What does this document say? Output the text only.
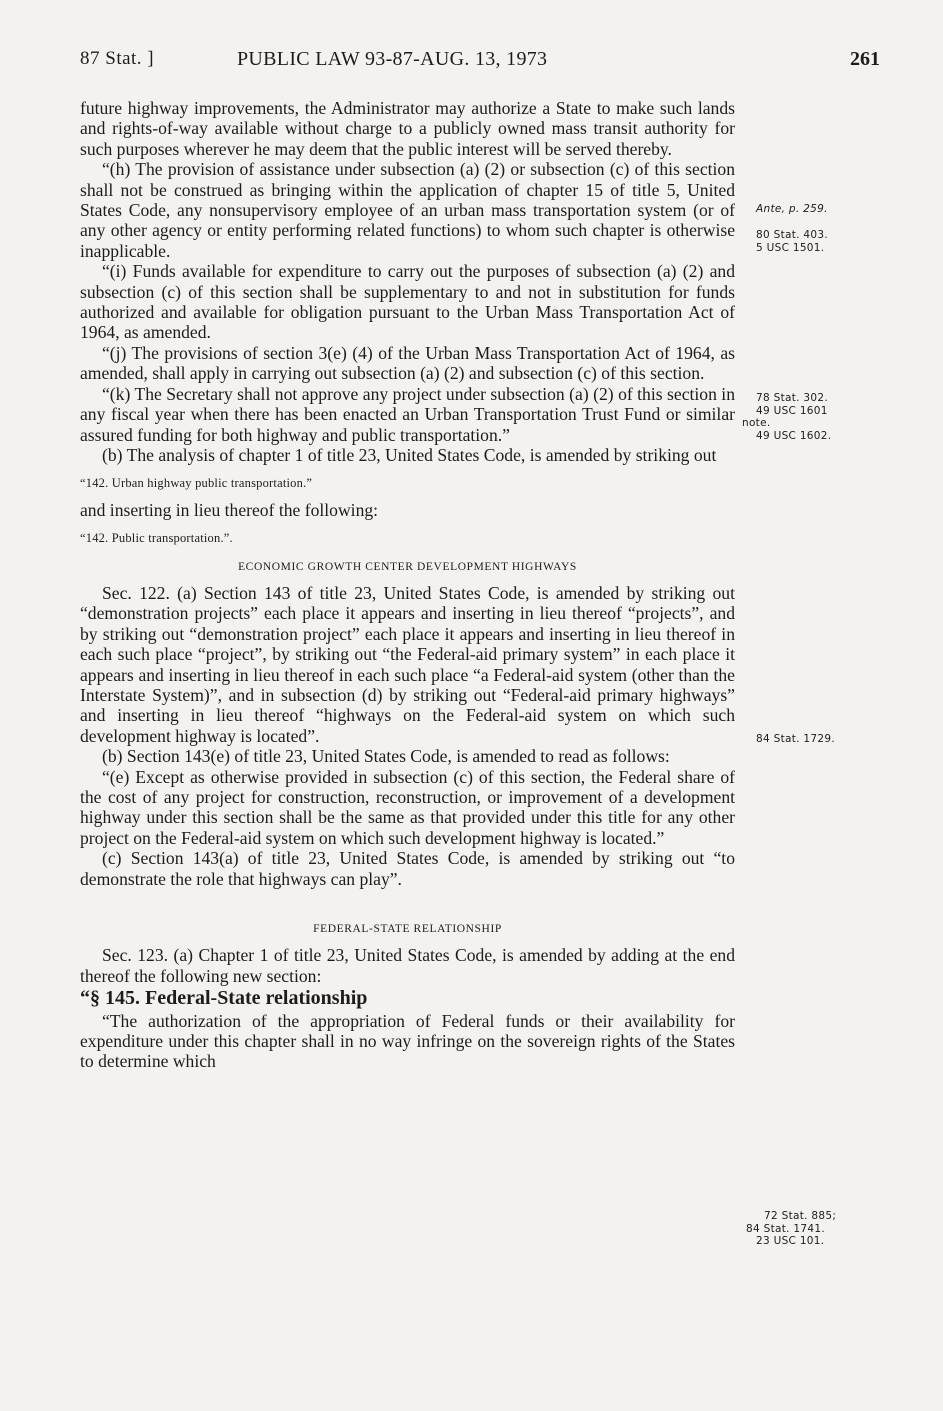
87 Stat. ]	PUBLIC LAW 93-87-AUG. 13, 1973	261

future highway improvements, the Administrator may authorize a State to make such lands and rights-of-way available without charge to a publicly owned mass transit authority for such purposes wherever he may deem that the public interest will be served thereby.

“(h) The provision of assistance under subsection (a) (2) or subsection (c) of this section shall not be construed as bringing within the application of chapter 15 of title 5, United States Code, any nonsupervisory employee of an urban mass transportation system (or of any other agency or entity performing related functions) to whom such chapter is otherwise inapplicable.

“(i) Funds available for expenditure to carry out the purposes of subsection (a) (2) and subsection (c) of this section shall be supplementary to and not in substitution for funds authorized and available for obligation pursuant to the Urban Mass Transportation Act of 1964, as amended.

“(j) The provisions of section 3(e) (4) of the Urban Mass Transportation Act of 1964, as amended, shall apply in carrying out subsection (a) (2) and subsection (c) of this section.

“(k) The Secretary shall not approve any project under subsection (a) (2) of this section in any fiscal year when there has been enacted an Urban Transportation Trust Fund or similar assured funding for both highway and public transportation.”

(b) The analysis of chapter 1 of title 23, United States Code, is amended by striking out

“142. Urban highway public transportation.”

and inserting in lieu thereof the following:

“142. Public transportation.”.

ECONOMIC GROWTH CENTER DEVELOPMENT HIGHWAYS

Sec. 122. (a) Section 143 of title 23, United States Code, is amended by striking out “demonstration projects” each place it appears and inserting in lieu thereof “projects”, and by striking out “demonstration project” each place it appears and inserting in lieu thereof in each such place “project”, by striking out “the Federal-aid primary system” in each place it appears and inserting in lieu thereof in each such place “a Federal-aid system (other than the Interstate System)”, and in subsection (d) by striking out “Federal-aid primary highways” and inserting in lieu thereof “highways on the Federal-aid system on which such development highway is located”.

(b) Section 143(e) of title 23, United States Code, is amended to read as follows:

“(e) Except as otherwise provided in subsection (c) of this section, the Federal share of the cost of any project for construction, reconstruction, or improvement of a development highway under this section shall be the same as that provided under this title for any other project on the Federal-aid system on which such development highway is located.”

(c) Section 143(a) of title 23, United States Code, is amended by striking out “to demonstrate the role that highways can play”.

FEDERAL-STATE RELATIONSHIP

Sec. 123. (a) Chapter 1 of title 23, United States Code, is amended by adding at the end thereof the following new section:

“§ 145. Federal-State relationship

“The authorization of the appropriation of Federal funds or their availability for expenditure under this chapter shall in no way infringe on the sovereign rights of the States to determine which

Ante, p. 259.
80 Stat. 403.
5 USC 1501.
78 Stat. 302.
49 USC 1601
note.
49 USC 1602.
84 Stat. 1729.
72 Stat. 885;
84 Stat. 1741.
23 USC 101.
